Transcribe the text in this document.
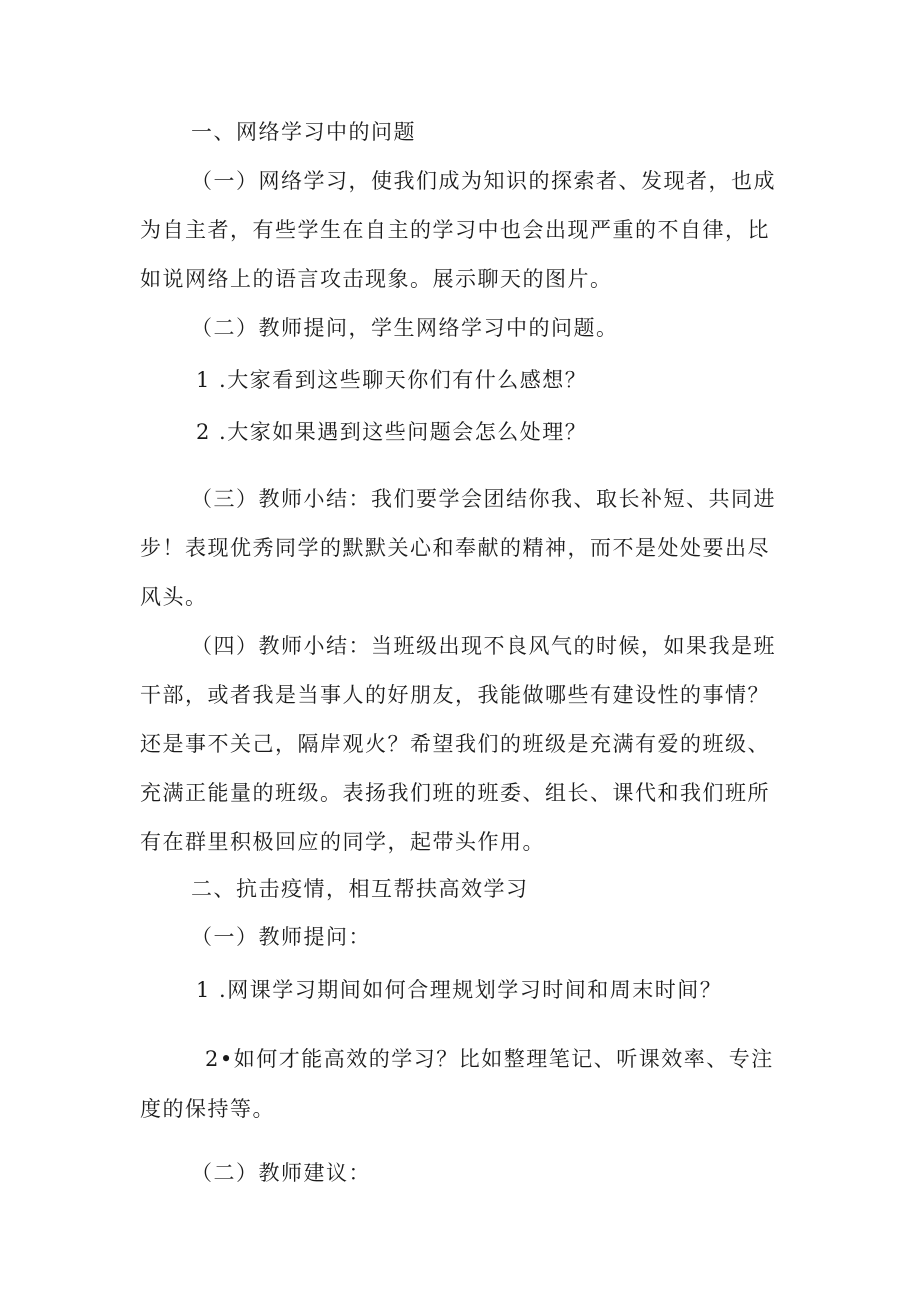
一、网络学习中的问题
（一）网络学习，使我们成为知识的探索者、发现者，也成
为自主者，有些学生在自主的学习中也会出现严重的不自律，比
如说网络上的语言攻击现象。展示聊天的图片。
（二）教师提问，学生网络学习中的问题。
1 .大家看到这些聊天你们有什么感想？
2 .大家如果遇到这些问题会怎么处理？
（三）教师小结：我们要学会团结你我、取长补短、共同进
步！表现优秀同学的默默关心和奉献的精神，而不是处处要出尽
风头。
（四）教师小结：当班级出现不良风气的时候，如果我是班
干部，或者我是当事人的好朋友，我能做哪些有建设性的事情？
还是事不关己，隔岸观火？希望我们的班级是充满有爱的班级、
充满正能量的班级。表扬我们班的班委、组长、课代和我们班所
有在群里积极回应的同学，起带头作用。
二、抗击疫情，相互帮扶高效学习
（一）教师提问：
1 .网课学习期间如何合理规划学习时间和周末时间？
2•如何才能高效的学习？比如整理笔记、听课效率、专注
度的保持等。
（二）教师建议：
